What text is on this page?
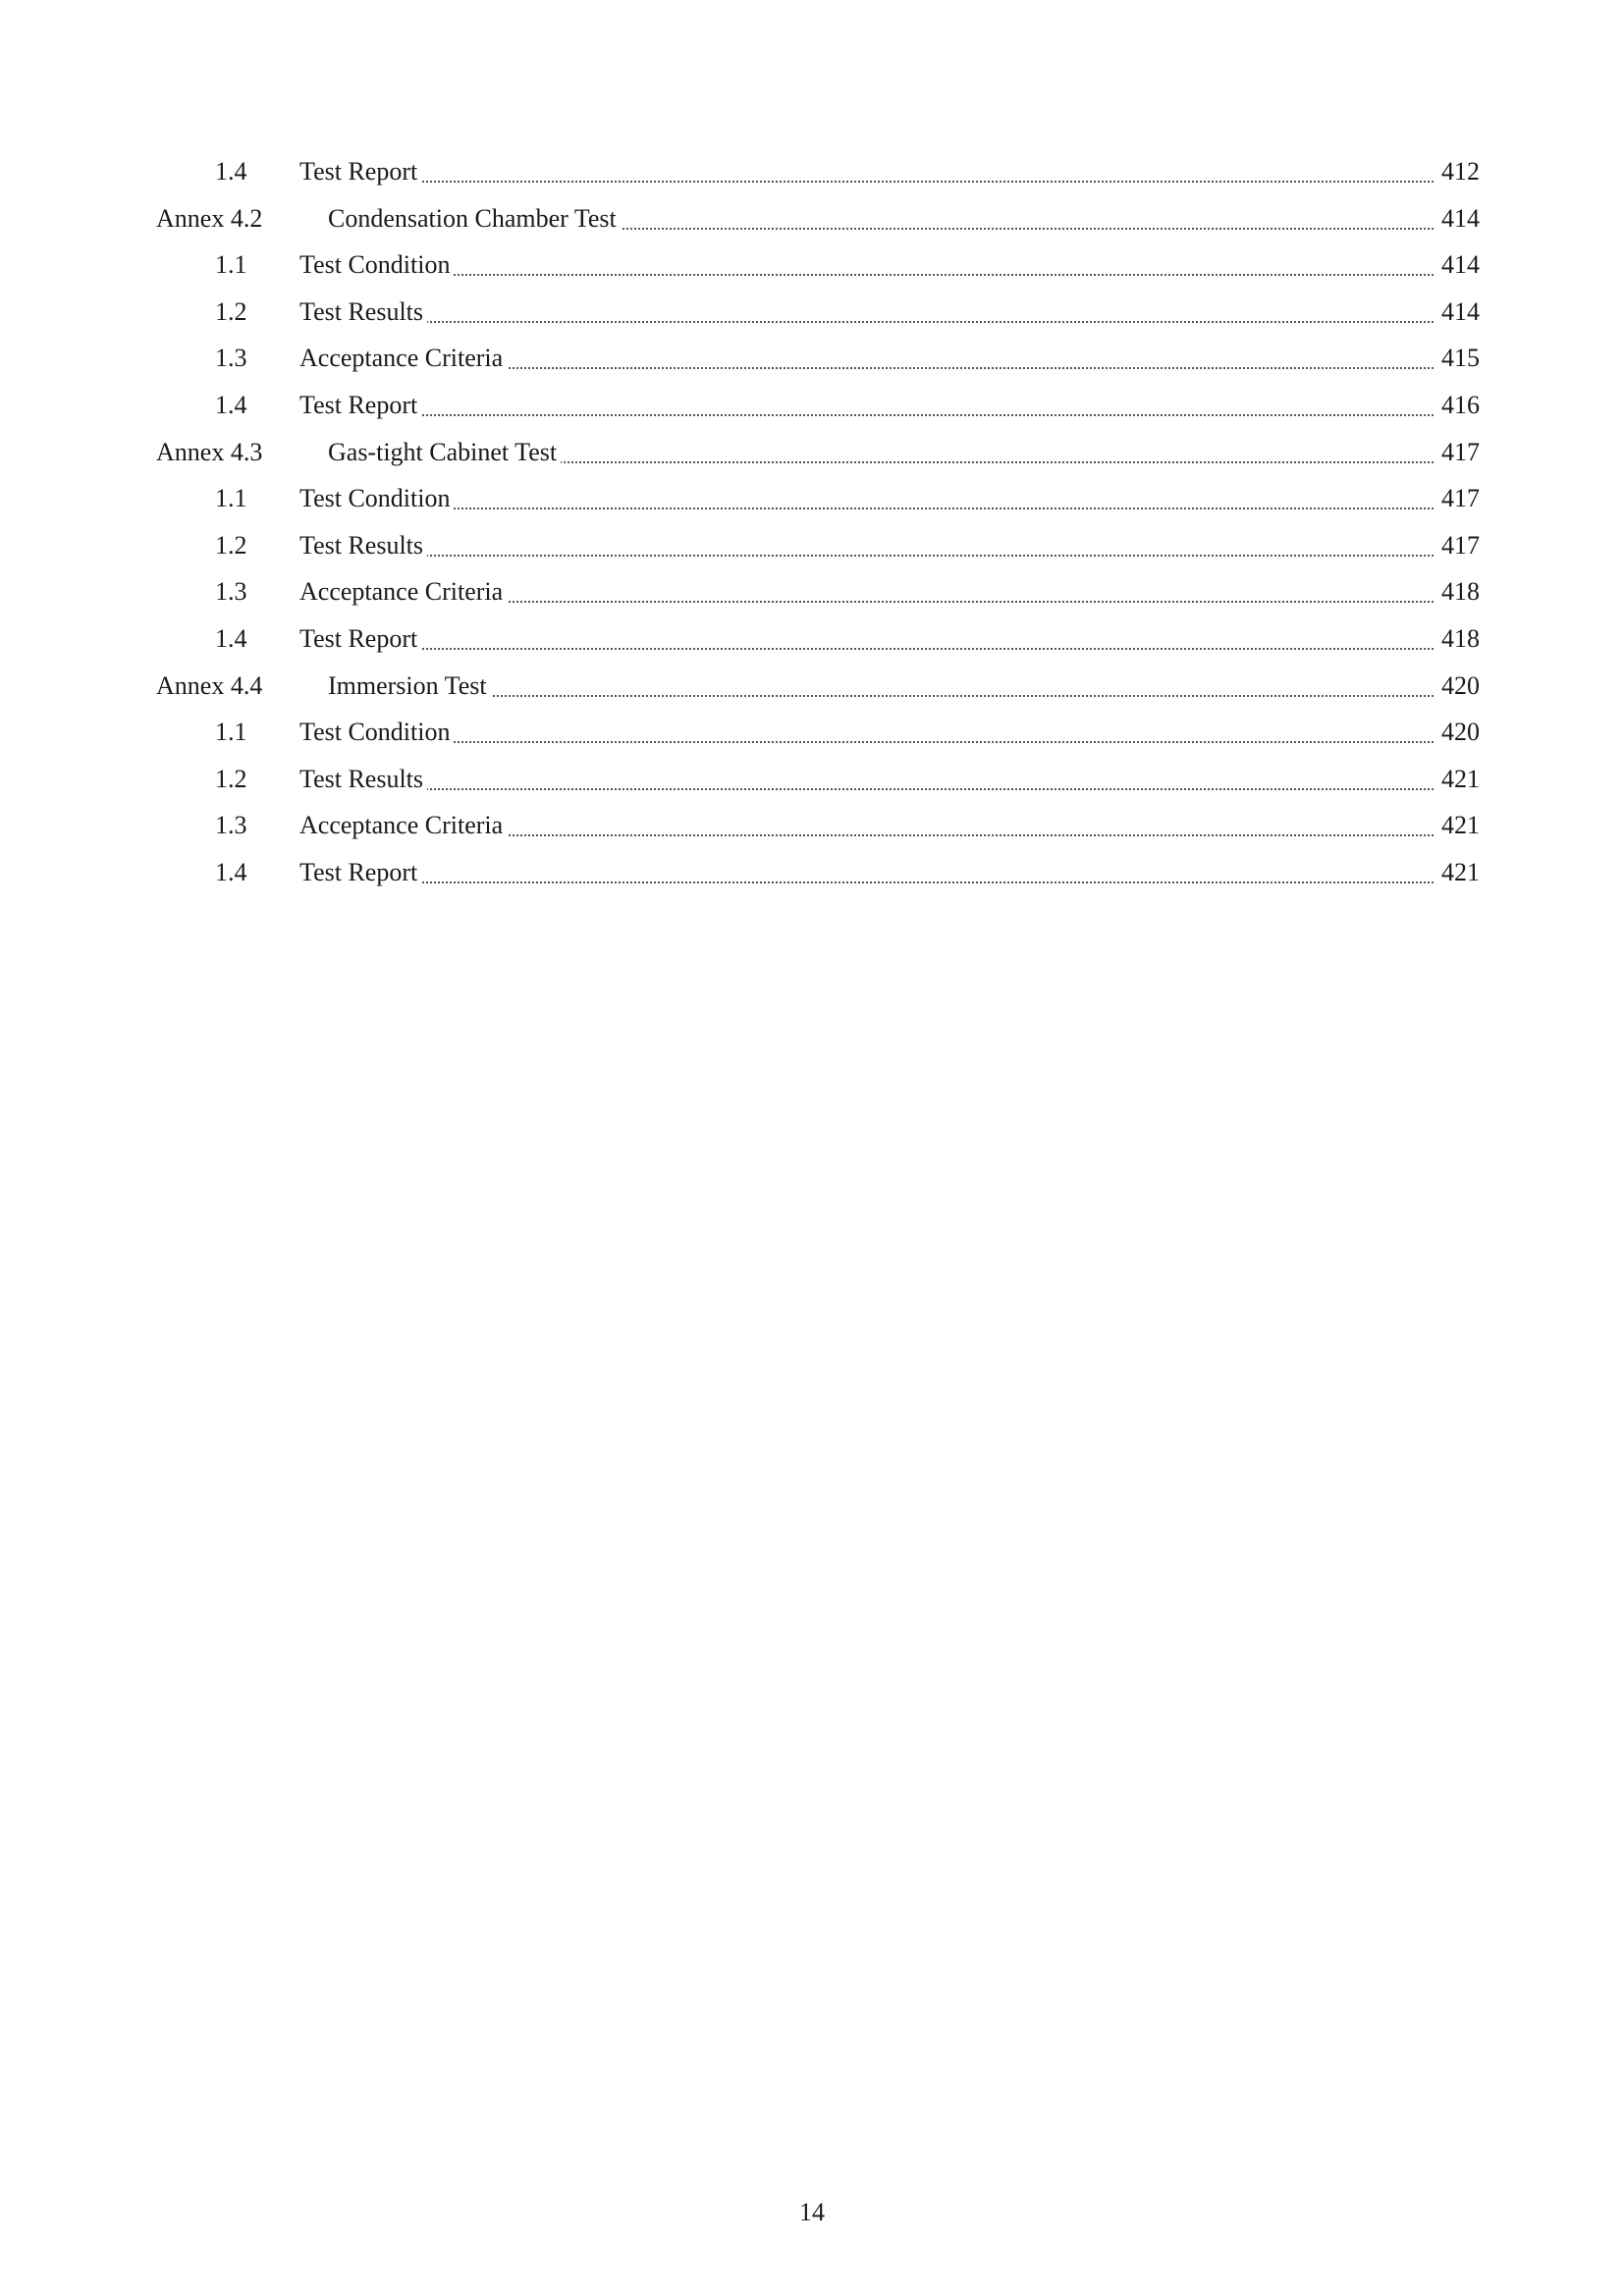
1.4 Test Report	412
Annex 4.2	Condensation Chamber Test	414
1.1 Test Condition	414
1.2 Test Results	414
1.3 Acceptance Criteria	415
1.4 Test Report	416
Annex 4.3	Gas-tight Cabinet Test	417
1.1 Test Condition	417
1.2 Test Results	417
1.3 Acceptance Criteria	418
1.4 Test Report	418
Annex 4.4	Immersion Test	420
1.1 Test Condition	420
1.2 Test Results	421
1.3 Acceptance Criteria	421
1.4 Test Report	421
14
